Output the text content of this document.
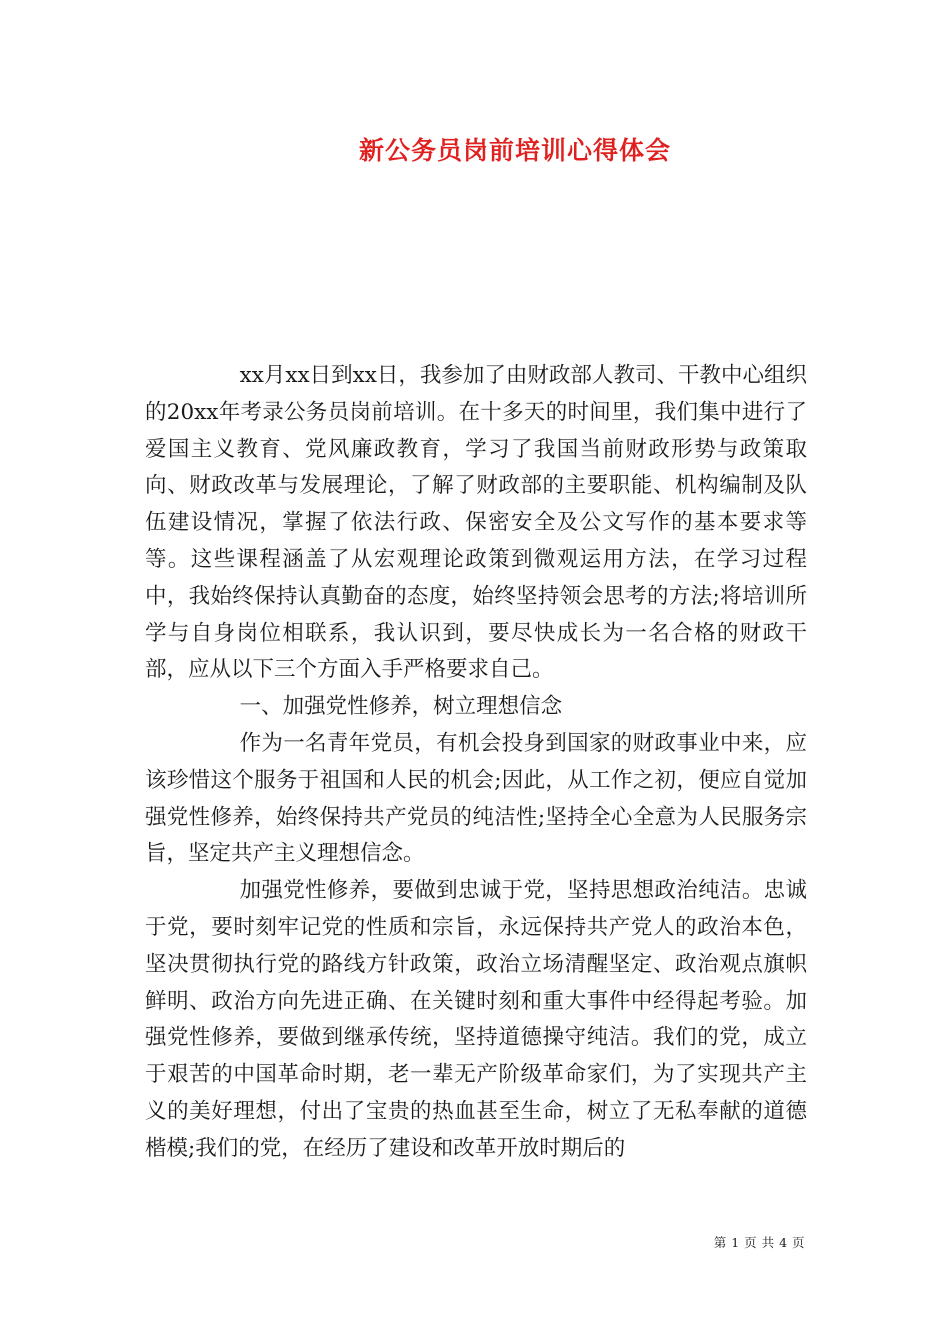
新公务员岗前培训心得体会

xx月xx日到xx日，我参加了由财政部人教司、干教中心组织的20xx年考录公务员岗前培训。在十多天的时间里，我们集中进行了爱国主义教育、党风廉政教育，学习了我国当前财政形势与政策取向、财政改革与发展理论，了解了财政部的主要职能、机构编制及队伍建设情况，掌握了依法行政、保密安全及公文写作的基本要求等等。这些课程涵盖了从宏观理论政策到微观运用方法，在学习过程中，我始终保持认真勤奋的态度，始终坚持领会思考的方法;将培训所学与自身岗位相联系，我认识到，要尽快成长为一名合格的财政干部，应从以下三个方面入手严格要求自己。

一、加强党性修养，树立理想信念

作为一名青年党员，有机会投身到国家的财政事业中来，应该珍惜这个服务于祖国和人民的机会;因此，从工作之初，便应自觉加强党性修养，始终保持共产党员的纯洁性;坚持全心全意为人民服务宗旨，坚定共产主义理想信念。

加强党性修养，要做到忠诚于党，坚持思想政治纯洁。忠诚于党，要时刻牢记党的性质和宗旨，永远保持共产党人的政治本色，坚决贯彻执行党的路线方针政策，政治立场清醒坚定、政治观点旗帜鲜明、政治方向先进正确、在关键时刻和重大事件中经得起考验。加强党性修养，要做到继承传统，坚持道德操守纯洁。我们的党，成立于艰苦的中国革命时期，老一辈无产阶级革命家们，为了实现共产主义的美好理想，付出了宝贵的热血甚至生命，树立了无私奉献的道德楷模;我们的党，在经历了建设和改革开放时期后的

第 1 页 共 4 页
